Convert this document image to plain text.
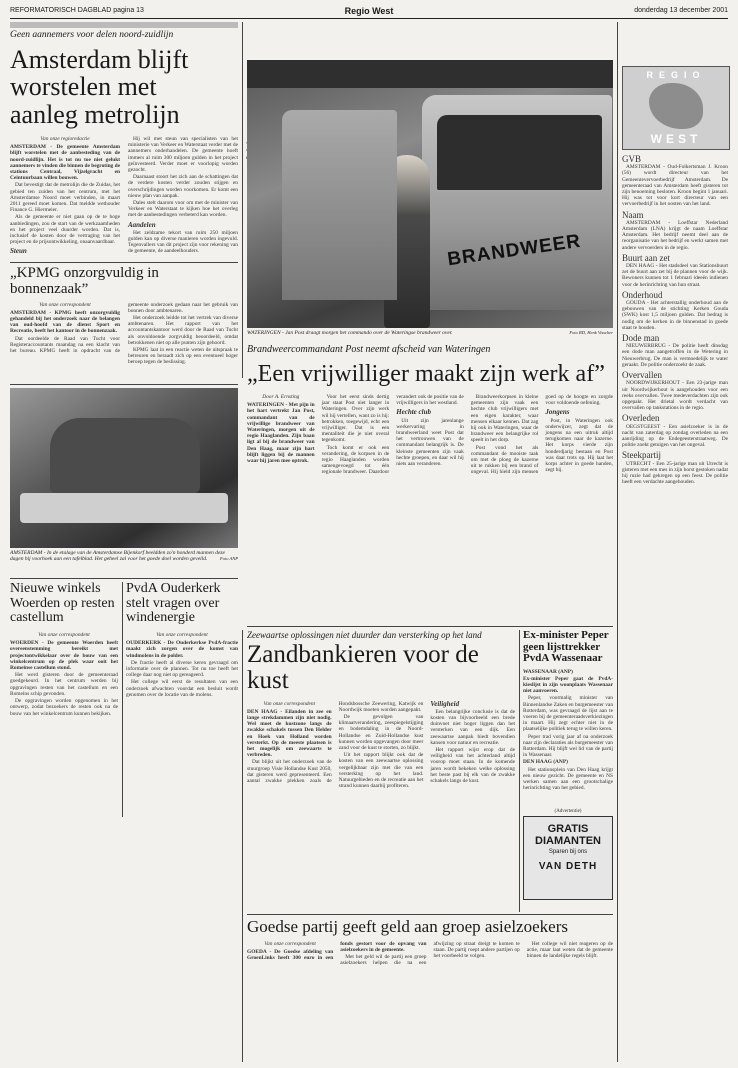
REFORMATORISCH DAGBLAD pagina 13	Regio West	donderdag 13 december 2001
Geen aannemers voor delen noord-zuidlijn
Amsterdam blijft worstelen met aanleg metrolijn

Van onze regioredactie

AMSTERDAM - De gemeente Amsterdam blijft worstelen met de aanbesteding van de noord-zuidlijn. Het is tot nu toe niet gelukt aannemers te vinden die binnen de begroting de stations Centraal, Vijzelgracht en Ceintuurbaan willen bouwen.

Dat bevestigt dat de metrolijn die de Zuidas, het gebied ten zuiden van het centrum, met het Amsterdamse Noord moet verbinden, in maart 2011 gereed moet komen. Dat meldde wethouder Finance G. Hiermeier.

Als de gemeente er niet gaan op de te hoge aanbiedingen, zou de start van de werkzaamheden en het project veel duurder worden. Dat is, inclusief de kosten door de vertraging van het project en de prijsontwikkeling, onaanvaardbaar.

Steun

Hij wil met steun van specialisten van het ministerie van Verkeer en Waterstaat verder met de aannemers onderhandelen. De gemeente hoeft immers al ruim 300 miljoen gulden in het project geïnvesteerd. Verder moet er voorlopig worden gezocht.

Daarnaast stoort het zich aan de schattingen dat de verdere kosten verder zouden stijgen en overschrijdingen worden voorkomen. Er komt een nieuw plan van aanpak.

Dales stelt daarom voor om met de minister van Verkeer en Waterstaat te kijken hoe het overleg met de aanbestedingen verbeterd kan worden.

Aandelen

Het zeldzame tekort van ruim 250 miljoen gulden kan op diverse manieren worden ingevuld. Tegenvallers van dit project zijn voor rekening van de gemeente, de aandeelhouders.

„KPMG onzorgvuldig in bonnenzaak”

Van onze correspondent

AMSTERDAM - KPMG heeft onzorgvuldig gehandeld bij het onderzoek naar de belangen van oud-hoofd van de dienst Sport en Recreatie, heeft het kantoor in de bonnenzaak.

Dat oordeelde de Raad van Tucht voor Registeraccountants maandag na een klacht van het bureau. KPMG heeft in opdracht van de gemeente onderzoek gedaan naar het gebruik van bonnen door ambtenaren.

Het onderzoek leidde tot het vertrek van diverse ambtenaren. Het rapport van het accountantskantoor werd door de Raad van Tucht als onvoldoende zorgvuldig beoordeeld, omdat betrokkenen niet op alle punten zijn gehoord.

KPMG laat in een reactie weten de uitspraak te betreuren en beraadt zich op een eventueel hoger beroep tegen de beslissing.

BRANDWEER
WATERINGEN - Jan Post draagt morgen het commando over de Wateringse brandweer over.	Foto RD, Henk Visscher
Brandweercommandant Post neemt afscheid van Wateringen
„Een vrijwilliger maakt zijn werk af”

Door A. Ernsting

WATERINGEN - Met pijn in het hart vertrekt Jan Post, commandant van de vrijwillige brandweer van Wateringen, morgen uit de regio Haaglanden. Zijn baan ligt al bij de brandweer van Den Haag, maar zijn hart blijft liggen bij de mannen waar hij jaren mee optrok.

Voor het eerst sinds dertig jaar staat Post niet langer in Wateringen. Over zijn werk wil hij vertellen, want zo is hij: betrokken, toegewijd, echt een vrijwilliger. Dat is een mentaliteit die je niet overal tegenkomt.

Toch komt er ook een verandering, de korpsen in de regio Haaglanden worden samengevoegd tot één regionale brandweer. Daardoor verandert ook de positie van de vrijwilligers in het westland.

Hechte club

Uit zijn jarenlange werkervaring in brandweerland weet Post dat het vertrouwen van de commandant belangrijk is. De kleinste gemeenten zijn vaak hechte groepen, en daar wil hij niets aan veranderen.

Brandweerkorpsen in kleine gemeenten zijn vaak een hechte club vrijwilligers met een eigen karakter, waar mensen elkaar kennen. Dat zag hij ook in Wateringen, waar de brandweer een belangrijke rol speelt in het dorp.

Post vond het als commandant de mooiste taak om met de ploeg de kazerne uit te rukken bij een brand of ongeval. Hij hield zijn mensen goed op de hoogte en zorgde voor voldoende oefening.

Jongens

Post, in Wateringen ook onderwijzer, zegt dat de jongens na een uitruk altijd terugkomen naar de kazerne. Het korps vierde zijn honderdjarig bestaan en Post was daar trots op. Hij laat het korps achter in goede handen, zegt hij.

REGIO
WEST
GVB

AMSTERDAM - Oud-Folkertsman J. Kroon (56) wordt directeur van het Gemeentevervoerbedrijf Amsterdam. De gemeenteraad van Amsterdam heeft gisteren tot zijn benoeming besloten. Kroon begint 1 januari. Hij was tot voor kort directeur van een vervoerbedrijf in het oosten van het land.

Naam

AMSTERDAM - Loeffstar Nederland Amsterdam (LNA) krijgt de naam Loeffstar Amsterdam. Het bedrijf neemt deel aan de reorganisatie van het bedrijf en werkt samen met andere vervoerders in de regio.

Buurt aan zet

DEN HAAG - Het stadsdeel van Stationsbuurt zet de buurt aan zet bij de plannen voor de wijk. Bewoners kunnen tot 1 februari ideeën indienen voor de herinrichting van hun straat.

Onderhoud

GOUDA - Het achterstallig onderhoud aan de gebouwen van de stichting Kerken Gouda (SWK) kost 1,5 miljoen gulden. Dat bedrag is nodig om de kerken in de binnenstad in goede staat te houden.

Dode man

NIEUWERBRUG - De politie heeft dinsdag een dode man aangetroffen in de Wetering in Nieuwerbrug. De man is vermoedelijk te water geraakt. De politie onderzoekt de zaak.

Overvallen

NOORDWIJKERHOUT - Een 23-jarige man uit Noordwijkerhout is aangehouden voor een reeks overvallen. Twee medeverdachten zijn ook opgepakt. Het drietal wordt verdacht van overvallen op tankstations in de regio.

Overleden

OEGSTGEEST - Een asielzoeker is in de nacht van zaterdag op zondag overleden na een aanrijding op de Endegeesterstraatweg. De politie zoekt getuigen van het ongeval.

Steekpartij

UTRECHT - Een 25-jarige man uit Utrecht is gisteren met een mes in zijn borst gestoken nadat hij ruzie had gekregen op een feest. De politie heeft een verdachte aangehouden.

AMSTERDAM - In de etalage van de Amsterdamse Bijenkorf beeldden zo'n honderd mannen deze dagen hij voorhoek aan een tafelblad. Het geheel zal voor het goede doel worden geveild.	Foto ANP
Nieuwe winkels Woerden op resten castellum

Van onze correspondent

WOERDEN - De gemeente Woerden heeft overeenstemming bereikt met projectontwikkelaar over de bouw van een winkelcentrum op de plek waar ooit het Romeinse castellum stond.

Het werd gisteren door de gemeenteraad goedgekeurd. In het centrum werden bij opgravingen resten van het castellum en een Romeins schip gevonden.

De opgravingen worden opgenomen in het ontwerp, zodat bezoekers de resten ook na de bouw van het winkelcentrum kunnen bekijken.

PvdA Ouderkerk stelt vragen over windenergie

Van onze correspondent

OUDERKERK - De Ouderkerkse PvdA-fractie maakt zich zorgen over de komst van windmolens in de polder.

De fractie heeft al diverse keren gevraagd om informatie over de plannen. Tot nu toe heeft het college daar nog niet op gereageerd.

Het college wil eerst de resultaten van een onderzoek afwachten voordat een besluit wordt genomen over de locatie van de molens.

Zeewaartse oplossingen niet duurder dan versterking op het land
Zandbankieren voor de kust

Van onze correspondent

DEN HAAG - Eilanden in zee en lange strekdammen zijn niet nodig. Wel moet de kustzone langs de zwakke schakels tussen Den Helder en Hoek van Holland worden versterkt. Op de meeste plaatsen is het mogelijk om zeewaarts te verbreden.

Dat blijkt uit het onderzoek van de stuurgroep Visie Hollandse Kust 2050, dat gisteren werd gepresenteerd. Een aantal zwakke plekken zoals de Hondsbossche Zeewering, Katwijk en Noordwijk moeten worden aangepakt.

De gevolgen van klimaatverandering, zeespiegelstijging en bodemdaling in de Noord-Hollandse en Zuid-Hollandse kust kunnen worden opgevangen door meer zand voor de kust te storten, zo blijkt.

Uit het rapport blijkt ook dat de kosten van een zeewaartse oplossing vergelijkbaar zijn met die van een versterking op het land. Natuurgebieden en de recreatie aan het strand kunnen daarbij profiteren.

Veiligheid

Een belangrijke conclusie is dat de kosten van bijvoorbeeld een brede duinvoet niet hoger liggen dan het versterken van een dijk. Een zeewaartse aanpak biedt bovendien kansen voor natuur en recreatie.

Het rapport wijst erop dat de veiligheid van het achterland altijd voorop moet staan. In de komende jaren wordt bekeken welke oplossing het beste past bij elk van de zwakke schakels langs de kust.

Ex-minister Peper geen lijsttrekker PvdA Wassenaar

WASSENAAR (ANP)

Ex-minister Peper gaat de PvdA-kieslijst in zijn woonplaats Wassenaar niet aanvoeren.

Peper, voormalig minister van Binnenlandse Zaken en burgemeester van Rotterdam, was gevraagd de lijst aan te voeren bij de gemeenteraadsverkiezingen in maart. Hij zegt echter niet in de plaatselijke politiek terug te willen keren.

Peper trad vorig jaar af na onderzoek naar zijn declaraties als burgemeester van Rotterdam. Hij blijft wel lid van de partij in Wassenaar.

DEN HAAG (ANP)

Het stationsplein van Den Haag krijgt een nieuw gezicht. De gemeente en NS werken samen aan een grootschalige herinrichting van het gebied.

(Advertentie)
GRATIS
DIAMANTEN
Sparen bij ons
VAN DETH
Goedse partij geeft geld aan groep asielzoekers

Van onze correspondent

GOEDA - De Goedse afdeling van GroenLinks heeft 300 euro in een fonds gestort voor de opvang van asielzoekers in de gemeente.

Met het geld wil de partij een groep asielzoekers helpen die na een afwijzing op straat dreigt te komen te staan. De partij roept andere partijen op het voorbeeld te volgen.

Het college wil niet reageren op de actie, maar laat weten dat de gemeente binnen de landelijke regels blijft.
